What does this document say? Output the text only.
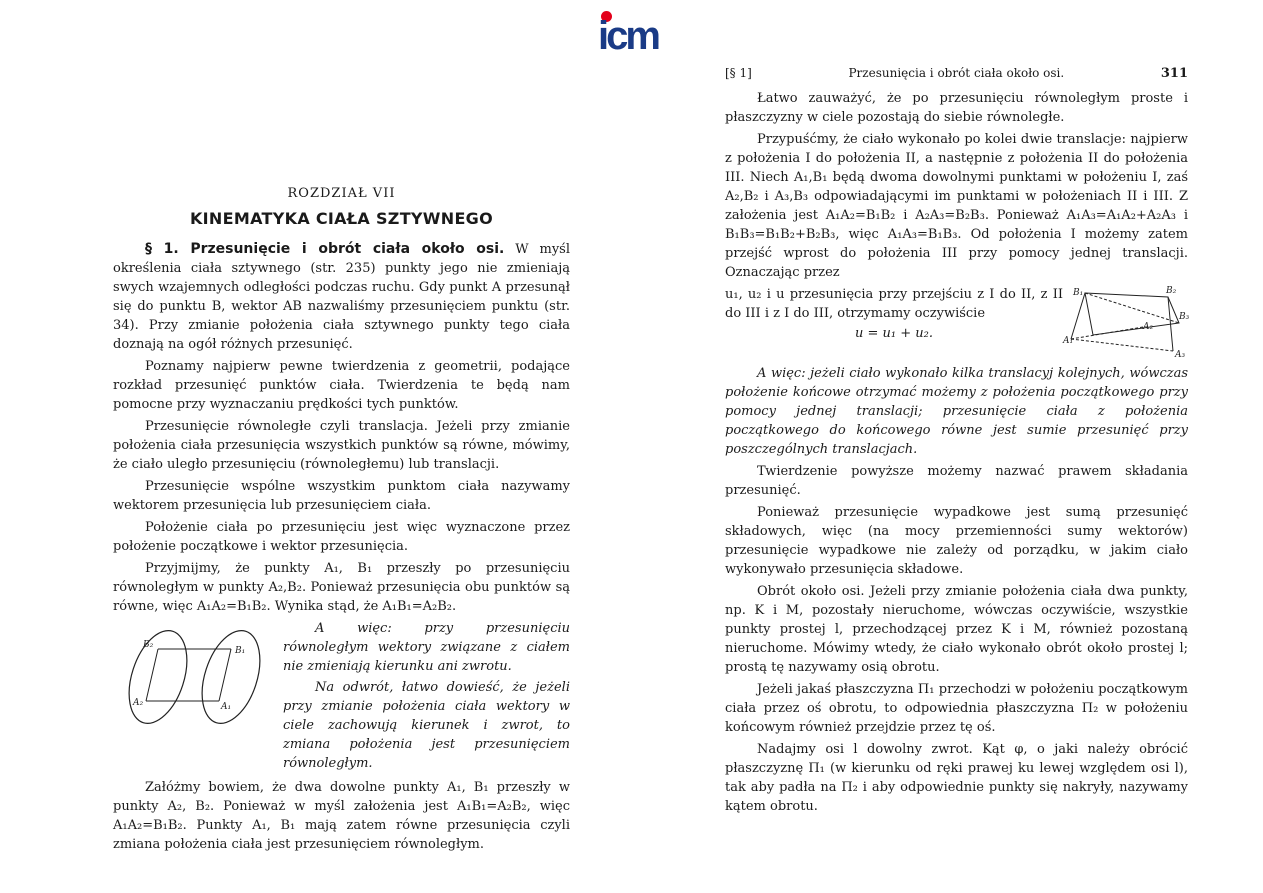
icm
ROZDZIAŁ VII
KINEMATYKA CIAŁA SZTYWNEGO
§ 1. Przesunięcie i obrót ciała około osi. W myśl określenia ciała sztywnego (str. 235) punkty jego nie zmieniają swych wzajemnych odległości podczas ruchu. Gdy punkt A przesunął się do punktu B, wektor AB nazwaliśmy przesunięciem punktu (str. 34). Przy zmianie położenia ciała sztywnego punkty tego ciała doznają na ogół różnych przesunięć.
Poznamy najpierw pewne twierdzenia z geometrii, podające rozkład przesunięć punktów ciała. Twierdzenia te będą nam pomocne przy wyznaczaniu prędkości tych punktów.
Przesunięcie równoległe czyli translacja. Jeżeli przy zmianie położenia ciała przesunięcia wszystkich punktów są równe, mówimy, że ciało uległo przesunięciu (równoległemu) lub translacji.
Przesunięcie wspólne wszystkim punktom ciała nazywamy wektorem przesunięcia lub przesunięciem ciała.
Położenie ciała po przesunięciu jest więc wyznaczone przez położenie początkowe i wektor przesunięcia.
Przyjmijmy, że punkty A₁, B₁ przeszły po przesunięciu równoległym w punkty A₂,B₂. Ponieważ przesunięcia obu punktów są równe, więc A₁A₂=B₁B₂. Wynika stąd, że A₁B₁=A₂B₂.
B₂
B₁
A₂	A₁
A więc: przy przesunięciu równoległym wektory związane z ciałem nie zmieniają kierunku ani zwrotu.
Na odwrót, łatwo dowieść, że jeżeli przy zmianie położenia ciała wektory w ciele zachowują kierunek i zwrot, to zmiana położenia jest przesunięciem równoległym.
Załóżmy bowiem, że dwa dowolne punkty A₁, B₁ przeszły w punkty A₂, B₂. Ponieważ w myśl założenia jest A₁B₁=A₂B₂, więc A₁A₂=B₁B₂. Punkty A₁, B₁ mają zatem równe przesunięcia czyli zmiana położenia ciała jest przesunięciem równoległym.
[§ 1]	Przesunięcia i obrót ciała około osi.	311
Łatwo zauważyć, że po przesunięciu równoległym proste i płaszczyzny w ciele pozostają do siebie równoległe.
Przypuśćmy, że ciało wykonało po kolei dwie translacje: najpierw z położenia I do położenia II, a następnie z położenia II do położenia III. Niech A₁,B₁ będą dwoma dowolnymi punktami w położeniu I, zaś A₂,B₂ i A₃,B₃ odpowiadającymi im punktami w położeniach II i III. Z założenia jest A₁A₂=B₁B₂ i A₂A₃=B₂B₃. Ponieważ A₁A₃=A₁A₂+A₂A₃ i B₁B₃=B₁B₂+B₂B₃, więc A₁A₃=B₁B₃. Od położenia I możemy zatem przejść wprost do położenia III przy pomocy jednej translacji. Oznaczając przez
u₁, u₂ i u przesunięcia przy przejściu z I do II, z II do III i z I do III, otrzymamy oczywiście
u = u₁ + u₂.
B₁	B₂
B₃
A₂
A₁
A₃
A więc: jeżeli ciało wykonało kilka translacyj kolejnych, wówczas położenie końcowe otrzymać możemy z położenia początkowego przy pomocy jednej translacji; przesunięcie ciała z położenia początkowego do końcowego równe jest sumie przesunięć przy poszczególnych translacjach.
Twierdzenie powyższe możemy nazwać prawem składania przesunięć.
Ponieważ przesunięcie wypadkowe jest sumą przesunięć składowych, więc (na mocy przemienności sumy wektorów) przesunięcie wypadkowe nie zależy od porządku, w jakim ciało wykonywało przesunięcia składowe.
Obrót około osi. Jeżeli przy zmianie położenia ciała dwa punkty, np. K i M, pozostały nieruchome, wówczas oczywiście, wszystkie punkty prostej l, przechodzącej przez K i M, również pozostaną nieruchome. Mówimy wtedy, że ciało wykonało obrót około prostej l; prostą tę nazywamy osią obrotu.
Jeżeli jakaś płaszczyzna Π₁ przechodzi w położeniu początkowym ciała przez oś obrotu, to odpowiednia płaszczyzna Π₂ w położeniu końcowym również przejdzie przez tę oś.
Nadajmy osi l dowolny zwrot. Kąt φ, o jaki należy obrócić płaszczyznę Π₁ (w kierunku od ręki prawej ku lewej względem osi l), tak aby padła na Π₂ i aby odpowiednie punkty się nakryły, nazywamy kątem obrotu.
